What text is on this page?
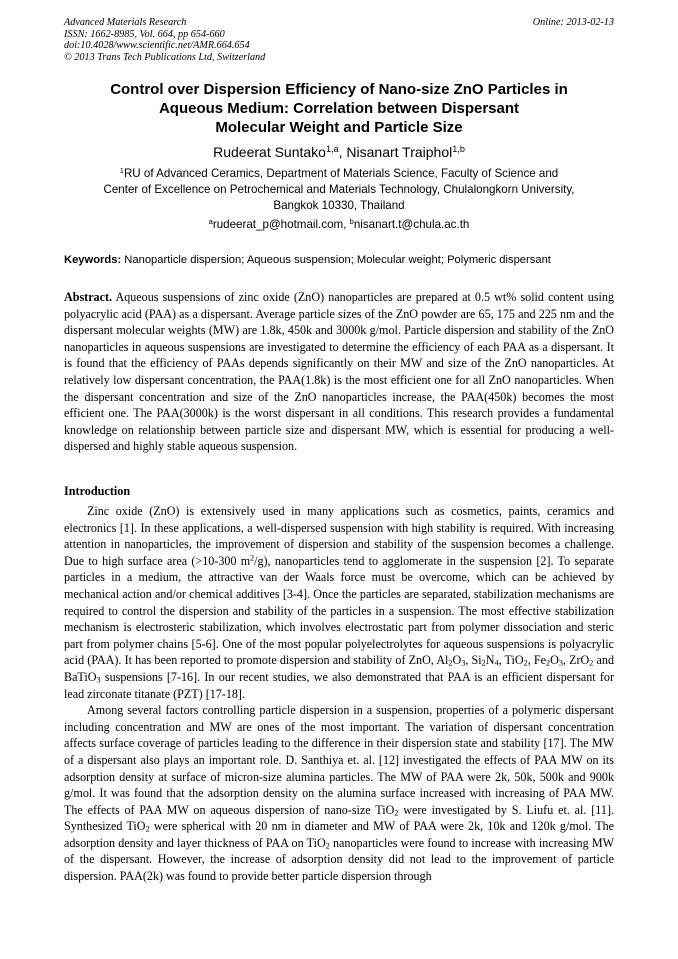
Advanced Materials Research
ISSN: 1662-8985, Vol. 664, pp 654-660
doi:10.4028/www.scientific.net/AMR.664.654
© 2013 Trans Tech Publications Ltd, Switzerland
Online: 2013-02-13
Control over Dispersion Efficiency of Nano-size ZnO Particles in
Aqueous Medium: Correlation between Dispersant
Molecular Weight and Particle Size
Rudeerat Suntako$^{1,a}$, Nisanart Traiphol$^{1,b}$
$^1$RU of Advanced Ceramics, Department of Materials Science, Faculty of Science and
Center of Excellence on Petrochemical and Materials Technology, Chulalongkorn University,
Bangkok 10330, Thailand
$^a$rudeerat_p@hotmail.com, $^b$nisanart.t@chula.ac.th
Keywords: Nanoparticle dispersion; Aqueous suspension; Molecular weight; Polymeric dispersant

Abstract. Aqueous suspensions of zinc oxide (ZnO) nanoparticles are prepared at 0.5 wt% solid content using polyacrylic acid (PAA) as a dispersant. Average particle sizes of the ZnO powder are 65, 175 and 225 nm and the dispersant molecular weights (MW) are 1.8k, 450k and 3000k g/mol. Particle dispersion and stability of the ZnO nanoparticles in aqueous suspensions are investigated to determine the efficiency of each PAA as a dispersant. It is found that the efficiency of PAAs depends significantly on their MW and size of the ZnO nanoparticles. At relatively low dispersant concentration, the PAA(1.8k) is the most efficient one for all ZnO nanoparticles. When the dispersant concentration and size of the ZnO nanoparticles increase, the PAA(450k) becomes the most efficient one. The PAA(3000k) is the worst dispersant in all conditions. This research provides a fundamental knowledge on relationship between particle size and dispersant MW, which is essential for producing a well-dispersed and highly stable aqueous suspension.

Introduction

Zinc oxide (ZnO) is extensively used in many applications such as cosmetics, paints, ceramics and electronics [1]. In these applications, a well-dispersed suspension with high stability is required. With increasing attention in nanoparticles, the improvement of dispersion and stability of the suspension becomes a challenge. Due to high surface area (>10-300 $m^2/g$), nanoparticles tend to agglomerate in the suspension [2]. To separate particles in a medium, the attractive van der Waals force must be overcome, which can be achieved by mechanical action and/or chemical additives [3-4]. Once the particles are separated, stabilization mechanisms are required to control the dispersion and stability of the particles in a suspension. The most effective stabilization mechanism is electrosteric stabilization, which involves electrostatic part from polymer dissociation and steric part from polymer chains [5-6]. One of the most popular polyelectrolytes for aqueous suspensions is polyacrylic acid (PAA). It has been reported to promote dispersion and stability of ZnO, $Al_2O_3$, $Si_2N_4$, TiO$_2$, $Fe_2O_3$, ZrO$_2$ and BaTiO$_3$ suspensions [7-16]. In our recent studies, we also demonstrated that PAA is an efficient dispersant for lead zirconate titanate (PZT) [17-18].

Among several factors controlling particle dispersion in a suspension, properties of a polymeric dispersant including concentration and MW are ones of the most important. The variation of dispersant concentration affects surface coverage of particles leading to the difference in their dispersion state and stability [17]. The MW of a dispersant also plays an important role. D. Santhiya et. al. [12] investigated the effects of PAA MW on its adsorption density at surface of micron-size alumina particles. The MW of PAA were 2k, 50k, 500k and 900k g/mol. It was found that the adsorption density on the alumina surface increased with increasing of PAA MW. The effects of PAA MW on aqueous dispersion of nano-size TiO$_2$ were investigated by S. Liufu et. al. [11]. Synthesized TiO$_2$ were spherical with 20 nm in diameter and MW of PAA were 2k, 10k and 120k g/mol. The adsorption density and layer thickness of PAA on TiO$_2$ nanoparticles were found to increase with increasing MW of the dispersant. However, the increase of adsorption density did not lead to the improvement of particle dispersion. PAA(2k) was found to provide better particle dispersion through
